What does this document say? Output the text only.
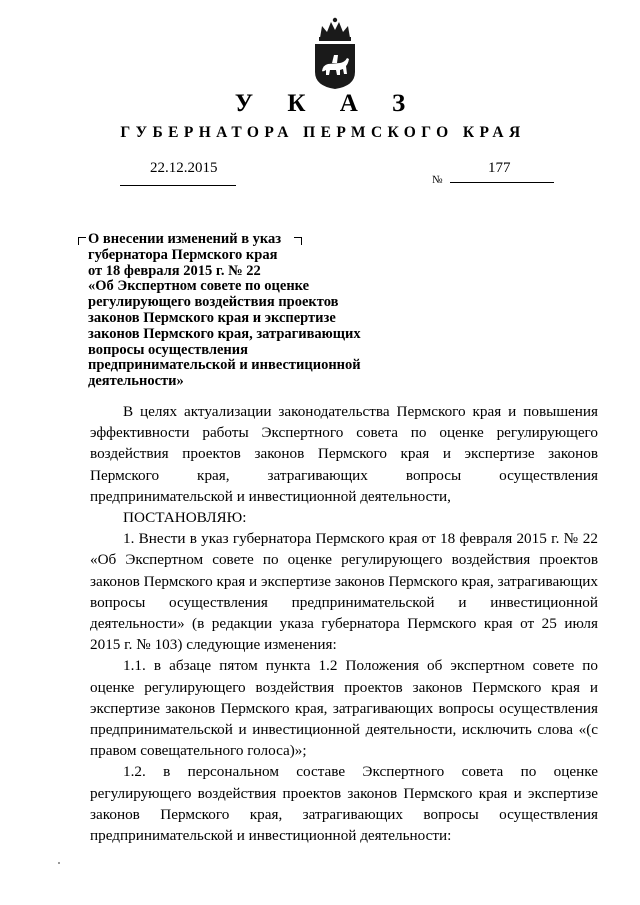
У К А З
ГУБЕРНАТОРА ПЕРМСКОГО КРАЯ
22.12.2015
№
177
О внесении изменений в указ
губернатора Пермского края
от 18 февраля 2015 г. № 22
«Об Экспертном совете по оценке
регулирующего воздействия проектов
законов Пермского края и экспертизе
законов Пермского края, затрагивающих
вопросы осуществления
предпринимательской и инвестиционной
деятельности»

В целях актуализации законодательства Пермского края и повышения эффективности работы Экспертного совета по оценке регулирующего воздействия проектов законов Пермского края и экспертизе законов Пермского края, затрагивающих вопросы осуществления предпринимательской и инвестиционной деятельности,

ПОСТАНОВЛЯЮ:

1. Внести в указ губернатора Пермского края от 18 февраля 2015 г. № 22 «Об Экспертном совете по оценке регулирующего воздействия проектов законов Пермского края и экспертизе законов Пермского края, затрагивающих вопросы осуществления предпринимательской и инвестиционной деятельности» (в редакции указа губернатора Пермского края от 25 июля 2015 г. № 103) следующие изменения:

1.1. в абзаце пятом пункта 1.2 Положения об экспертном совете по оценке регулирующего воздействия проектов законов Пермского края и экспертизе законов Пермского края, затрагивающих вопросы осуществления предпринимательской и инвестиционной деятельности, исключить слова «(с правом совещательного голоса)»;

1.2. в персональном составе Экспертного совета по оценке регулирующего воздействия проектов законов Пермского края и экспертизе законов Пермского края, затрагивающих вопросы осуществления предпринимательской и инвестиционной деятельности:
